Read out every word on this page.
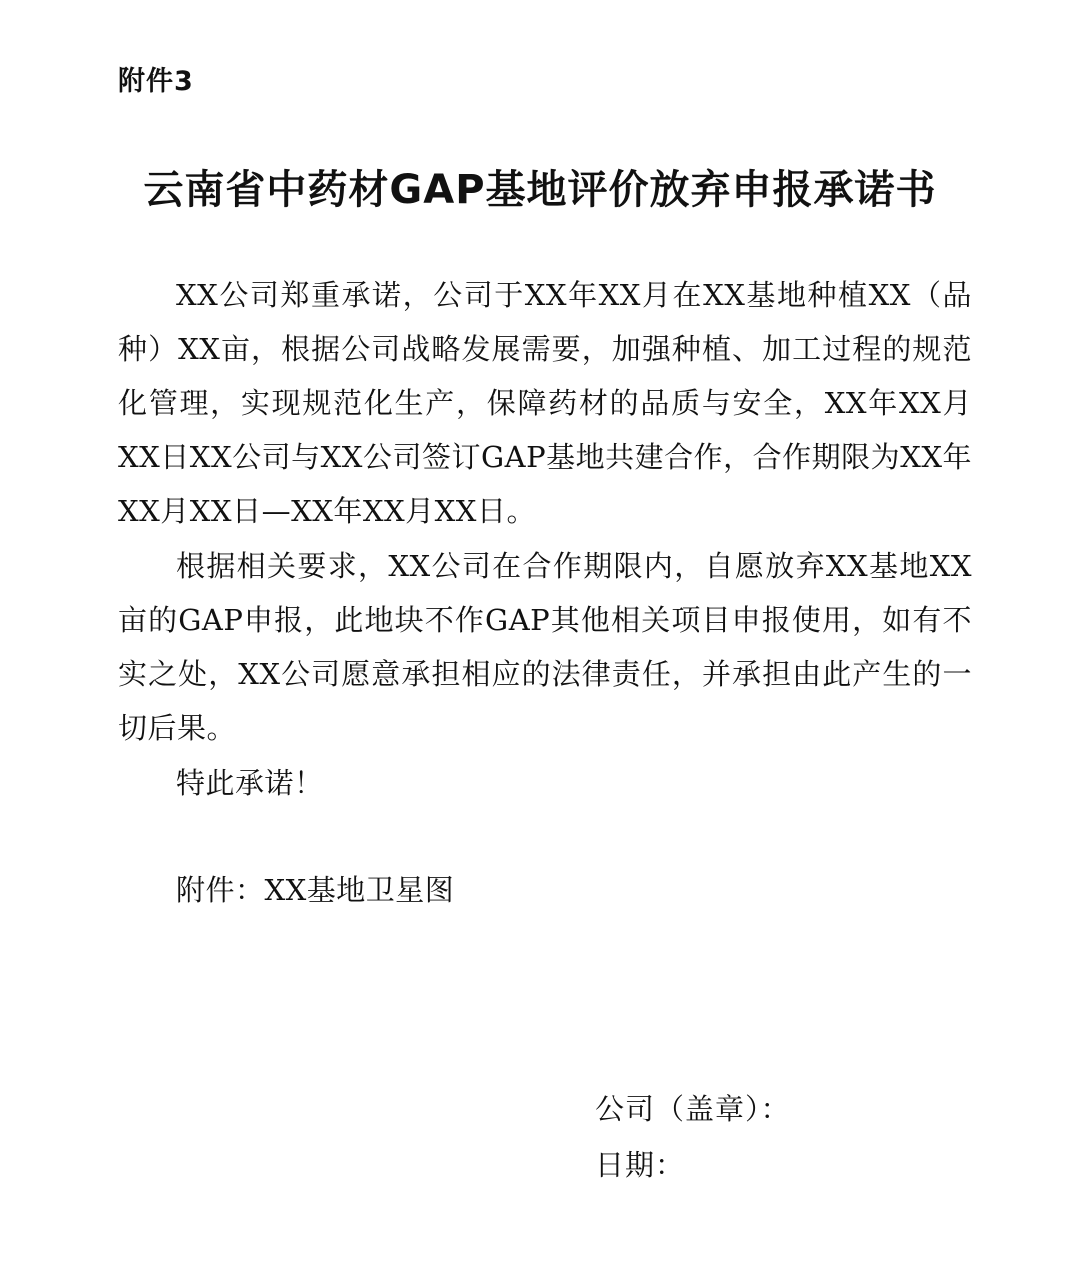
附件3
云南省中药材GAP基地评价放弃申报承诺书

XX公司郑重承诺，公司于XX年XX月在XX基地种植XX（品种）XX亩，根据公司战略发展需要，加强种植、加工过程的规范化管理，实现规范化生产，保障药材的品质与安全，XX年XX月XX日XX公司与XX公司签订GAP基地共建合作，合作期限为XX年XX月XX日—XX年XX月XX日。

根据相关要求，XX公司在合作期限内，自愿放弃XX基地XX亩的GAP申报，此地块不作GAP其他相关项目申报使用，如有不实之处，XX公司愿意承担相应的法律责任，并承担由此产生的一切后果。

特此承诺！

附件：XX基地卫星图

公司（盖章）：
日期：
